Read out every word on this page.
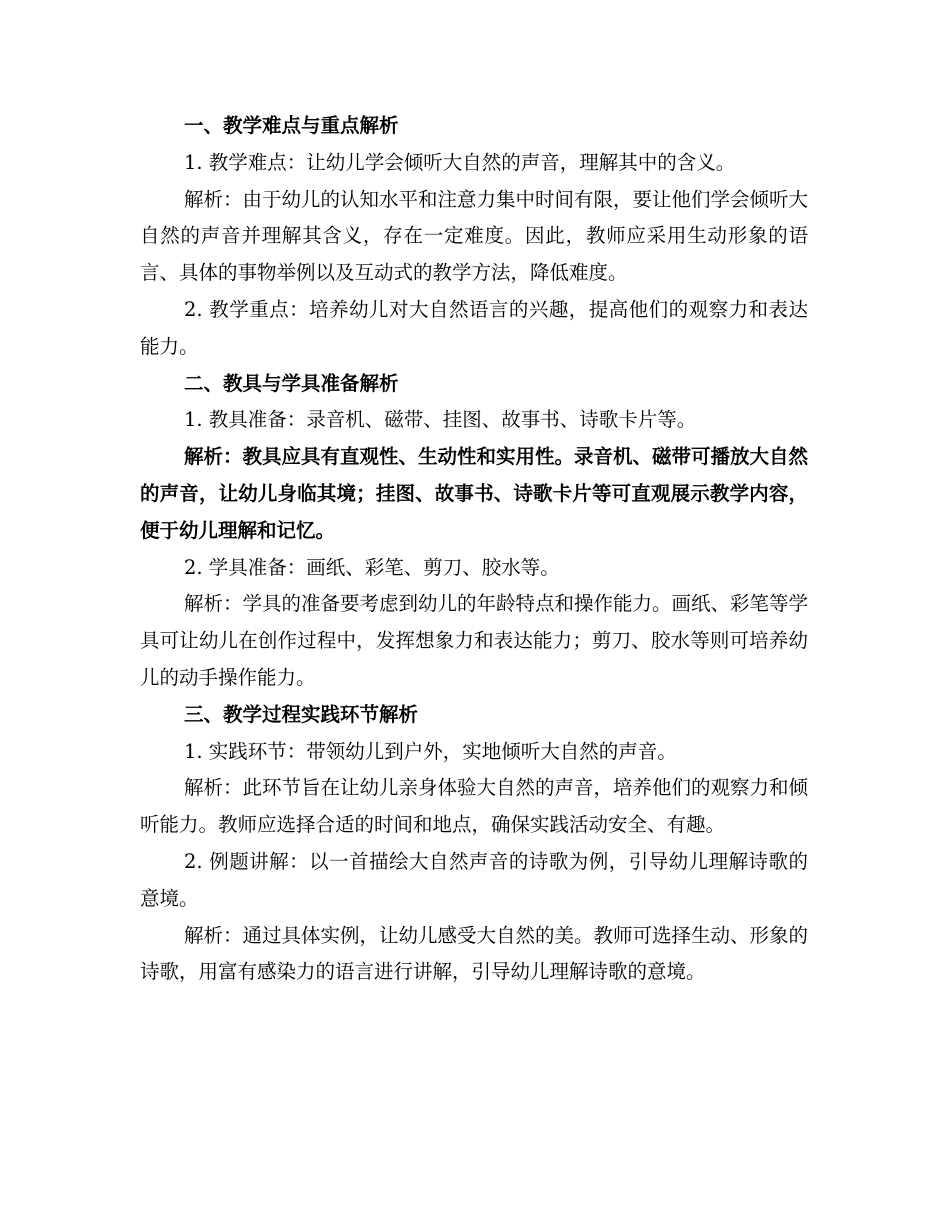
一、教学难点与重点解析

1. 教学难点：让幼儿学会倾听大自然的声音，理解其中的含义。

解析：由于幼儿的认知水平和注意力集中时间有限，要让他们学会倾听大自然的声音并理解其含义，存在一定难度。因此，教师应采用生动形象的语言、具体的事物举例以及互动式的教学方法，降低难度。

2. 教学重点：培养幼儿对大自然语言的兴趣，提高他们的观察力和表达能力。

二、教具与学具准备解析

1. 教具准备：录音机、磁带、挂图、故事书、诗歌卡片等。

解析：教具应具有直观性、生动性和实用性。录音机、磁带可播放大自然的声音，让幼儿身临其境；挂图、故事书、诗歌卡片等可直观展示教学内容，便于幼儿理解和记忆。

2. 学具准备：画纸、彩笔、剪刀、胶水等。

解析：学具的准备要考虑到幼儿的年龄特点和操作能力。画纸、彩笔等学具可让幼儿在创作过程中，发挥想象力和表达能力；剪刀、胶水等则可培养幼儿的动手操作能力。

三、教学过程实践环节解析

1. 实践环节：带领幼儿到户外，实地倾听大自然的声音。

解析：此环节旨在让幼儿亲身体验大自然的声音，培养他们的观察力和倾听能力。教师应选择合适的时间和地点，确保实践活动安全、有趣。

2. 例题讲解：以一首描绘大自然声音的诗歌为例，引导幼儿理解诗歌的意境。

解析：通过具体实例，让幼儿感受大自然的美。教师可选择生动、形象的诗歌，用富有感染力的语言进行讲解，引导幼儿理解诗歌的意境。
